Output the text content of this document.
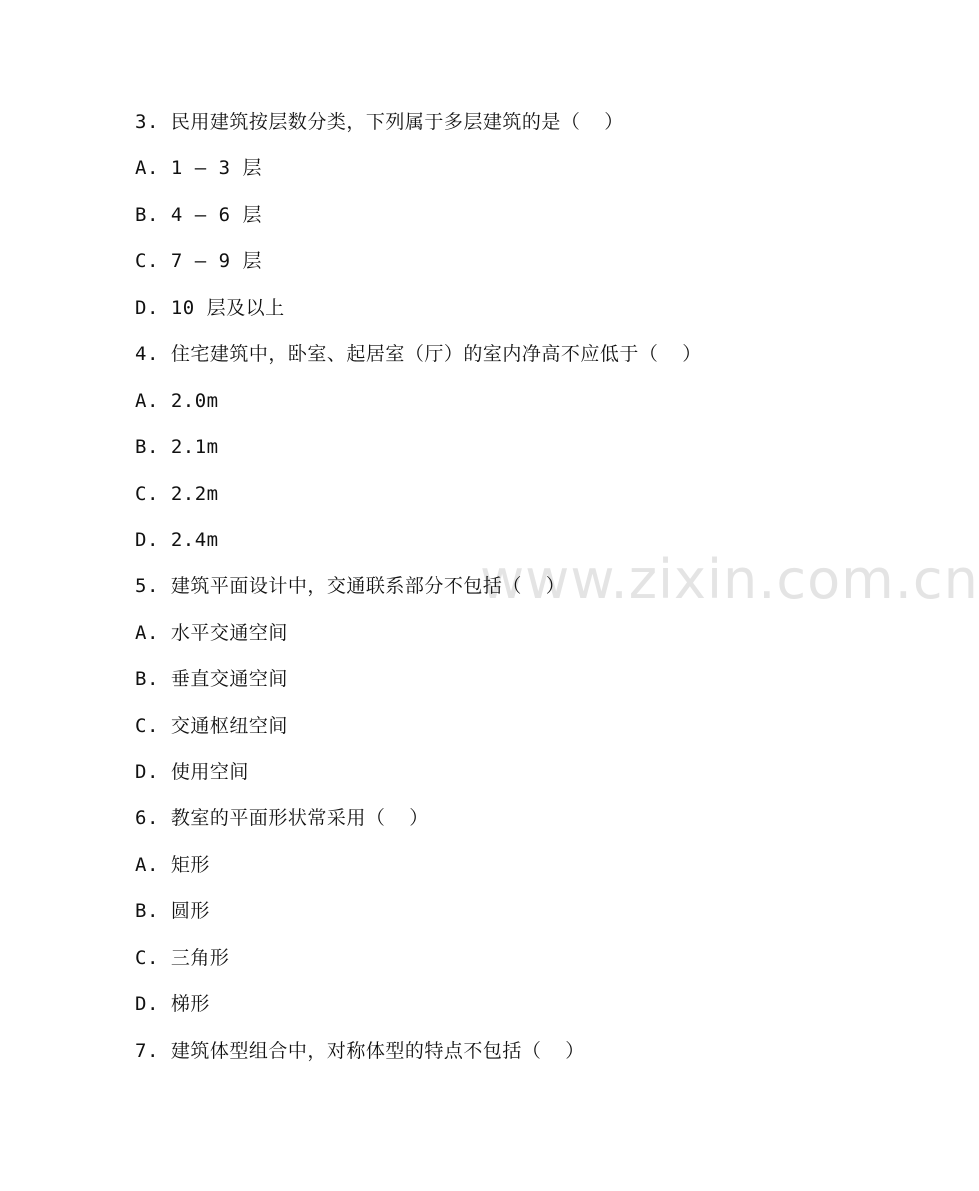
www.zixin.com.cn
3. 民用建筑按层数分类，下列属于多层建筑的是（  ）
A. 1 – 3 层
B. 4 – 6 层
C. 7 – 9 层
D. 10 层及以上
4. 住宅建筑中，卧室、起居室（厅）的室内净高不应低于（  ）
A. 2.0m
B. 2.1m
C. 2.2m
D. 2.4m
5. 建筑平面设计中，交通联系部分不包括（  ）
A. 水平交通空间
B. 垂直交通空间
C. 交通枢纽空间
D. 使用空间
6. 教室的平面形状常采用（  ）
A. 矩形
B. 圆形
C. 三角形
D. 梯形
7. 建筑体型组合中，对称体型的特点不包括（  ）
